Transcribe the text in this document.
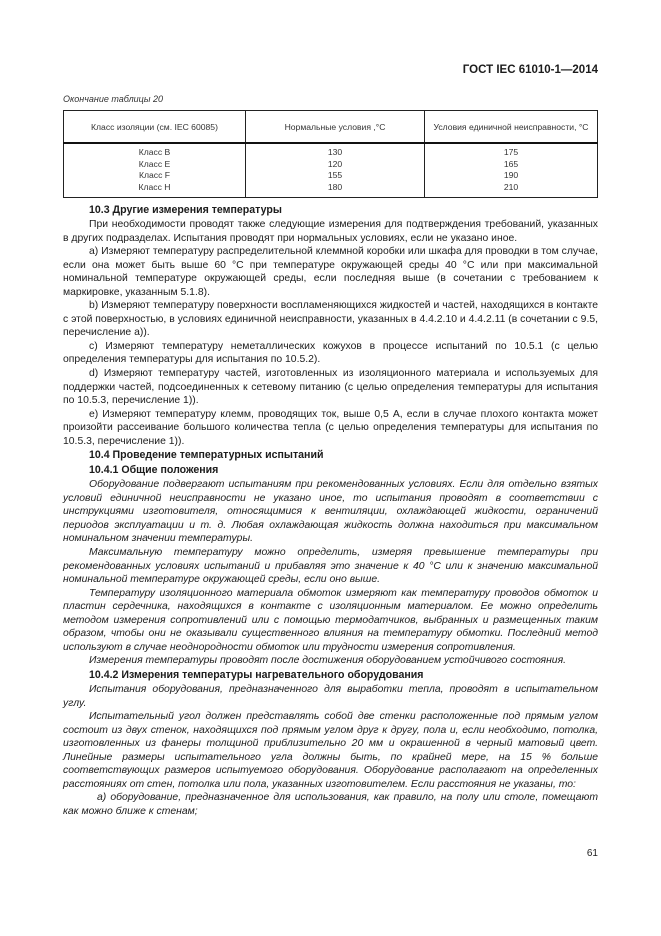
ГОСТ IEC 61010-1—2014
Окончание таблицы 20
Класс изоляции (см. IEC 60085)	Нормальные условия ,°С	Условия единичной неисправности, °С
Класс В	130	175
Класс Е	120	165
Класс F	155	190
Класс Н	180	210
10.3 Другие измерения температуры

При необходимости проводят также следующие измерения для подтверждения требований, указанных в других подразделах. Испытания проводят при нормальных условиях, если не указано иное.

а) Измеряют температуру распределительной клеммной коробки или шкафа для проводки в том случае, если она может быть выше 60 °С при температуре окружающей среды 40 °С или при максимальной номинальной температуре окружающей среды, если последняя выше (в сочетании с требованием к маркировке, указанным 5.1.8).

b) Измеряют температуру поверхности воспламеняющихся жидкостей и частей, находящихся в контакте с этой поверхностью, в условиях единичной неисправности, указанных в 4.4.2.10 и 4.4.2.11 (в сочетании с 9.5, перечисление а)).

с) Измеряют температуру неметаллических кожухов в процессе испытаний по 10.5.1 (с целью определения температуры для испытания по 10.5.2).

d) Измеряют температуру частей, изготовленных из изоляционного материала и используемых для поддержки частей, подсоединенных к сетевому питанию (с целью определения температуры для испытания по 10.5.3, перечисление 1)).

е) Измеряют температуру клемм, проводящих ток, выше 0,5 А, если в случае плохого контакта может произойти рассеивание большого количества тепла (с целью определения температуры для испытания по 10.5.3, перечисление 1)).

10.4 Проведение температурных испытаний
10.4.1 Общие положения

Оборудование подвергают испытаниям при рекомендованных условиях. Если для отдельно взятых условий единичной неисправности не указано иное, то испытания проводят в соответствии с инструкциями изготовителя, относящимися к вентиляции, охлаждающей жидкости, ограничений периодов эксплуатации и т. д. Любая охлаждающая жидкость должна находиться при максимальном номинальном значении температуры.

Максимальную температуру можно определить, измеряя превышение температуры при рекомендованных условиях испытаний и прибавляя это значение к 40 °С или к значению максимальной номинальной температуре окружающей среды, если оно выше.

Температуру изоляционного материала обмоток измеряют как температуру проводов обмоток и пластин сердечника, находящихся в контакте с изоляционным материалом. Ее можно определить методом измерения сопротивлений или с помощью термодатчиков, выбранных и размещенных таким образом, чтобы они не оказывали существенного влияния на температуру обмотки. Последний метод используют в случае неоднородности обмоток или трудности измерения сопротивления.

Измерения температуры проводят после достижения оборудованием устойчивого состояния.

10.4.2 Измерения температуры нагревательного оборудования

Испытания оборудования, предназначенного для выработки тепла, проводят в испытательном углу.

Испытательный угол должен представлять собой две стенки расположенные под прямым углом состоит из двух стенок, находящихся под прямым углом друг к другу, пола и, если необходимо, потолка, изготовленных из фанеры толщиной приблизительно 20 мм и окрашенной в черный матовый цвет. Линейные размеры испытательного угла должны быть, по крайней мере, на 15 % больше соответствующих размеров испытуемого оборудования. Оборудование располагают на определенных расстояниях от стен, потолка или пола, указанных изготовителем. Если расстояния не указаны, то:

а) оборудование, предназначенное для использования, как правило, на полу или столе, помещают как можно ближе к стенам;

61
